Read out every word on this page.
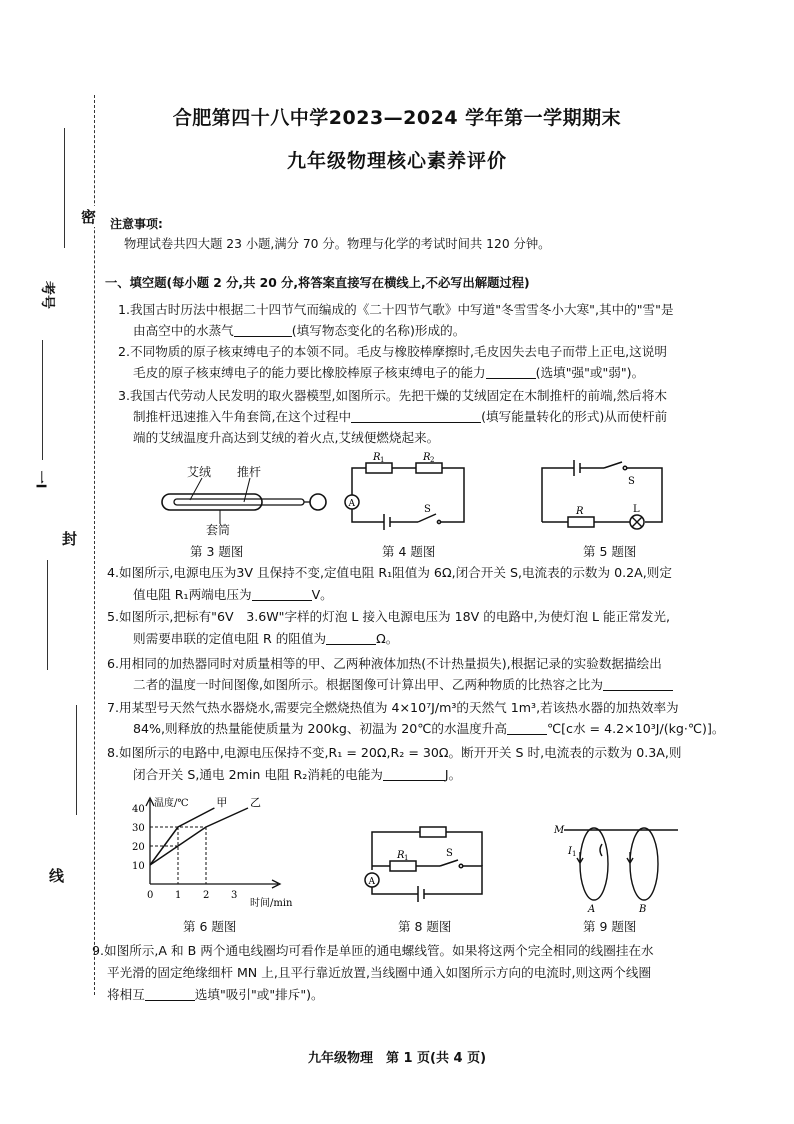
密
封
线
考号
一I
合肥第四十八中学2023—2024 学年第一学期期末
九年级物理核心素养评价
注意事项:
物理试卷共四大题 23 小题,满分 70 分。物理与化学的考试时间共 120 分钟。
一、填空题(每小题 2 分,共 20 分,将答案直接写在横线上,不必写出解题过程)
1.我国古时历法中根据二十四节气而编成的《二十四节气歌》中写道"冬雪雪冬小大寒",其中的"雪"是
由高空中的水蒸气	(填写物态变化的名称)形成的。
2.不同物质的原子核束缚电子的本领不同。毛皮与橡胶棒摩擦时,毛皮因失去电子而带上正电,这说明
毛皮的原子核束缚电子的能力要比橡胶棒原子核束缚电子的能力	(选填"强"或"弱")。
3.我国古代劳动人民发明的取火器模型,如图所示。先把干燥的艾绒固定在木制推杆的前端,然后将木
制推杆迅速推入牛角套筒,在这个过程中	(填写能量转化的形式)从而使杆前
端的艾绒温度升高达到艾绒的着火点,艾绒便燃烧起来。
艾绒 推杆
套筒
第 3 题图
R 1	R 2
A	S
第 4 题图
S
R	L
第 5 题图
4.如图所示,电源电压为3V 且保持不变,定值电阻 R₁阻值为 6Ω,闭合开关 S,电流表的示数为 0.2A,则定
值电阻 R₁两端电压为	V。
5.如图所示,把标有"6V　3.6W"字样的灯泡 L 接入电源电压为 18V 的电路中,为使灯泡 L 能正常发光,
则需要串联的定值电阻 R 的阻值为	Ω。
6.用相同的加热器同时对质量相等的甲、乙两种液体加热(不计热量损失),根据记录的实验数据描绘出
二者的温度一时间图像,如图所示。根据图像可计算出甲、乙两种物质的比热容之比为
7.用某型号天然气热水器烧水,需要完全燃烧热值为 4×10⁷J/m³的天然气 1m³,若该热水器的加热效率为
84%,则释放的热量能使质量为 200kg、初温为 20℃的水温度升高	℃[c水 = 4.2×10³J/(kg·℃)]。
8.如图所示的电路中,电源电压保持不变,R₁ = 20Ω,R₂ = 30Ω。断开开关 S 时,电流表的示数为 0.3A,则
闭合开关 S,通电 2min 电阻 R₂消耗的电能为	J。
甲 乙
10
20
30
40
0 1 2 3
温度/℃
时间/min
第 6 题图
R 1	S
A
第 8 题图
M
I 1
A	B
第 9 题图
9.如图所示,A 和 B 两个通电线圈均可看作是单匝的通电螺线管。如果将这两个完全相同的线圈挂在水
平光滑的固定绝缘细杆 MN 上,且平行靠近放置,当线圈中通入如图所示方向的电流时,则这两个线圈
将相互	选填"吸引"或"排斥")。
九年级物理　第 1 页(共 4 页)
